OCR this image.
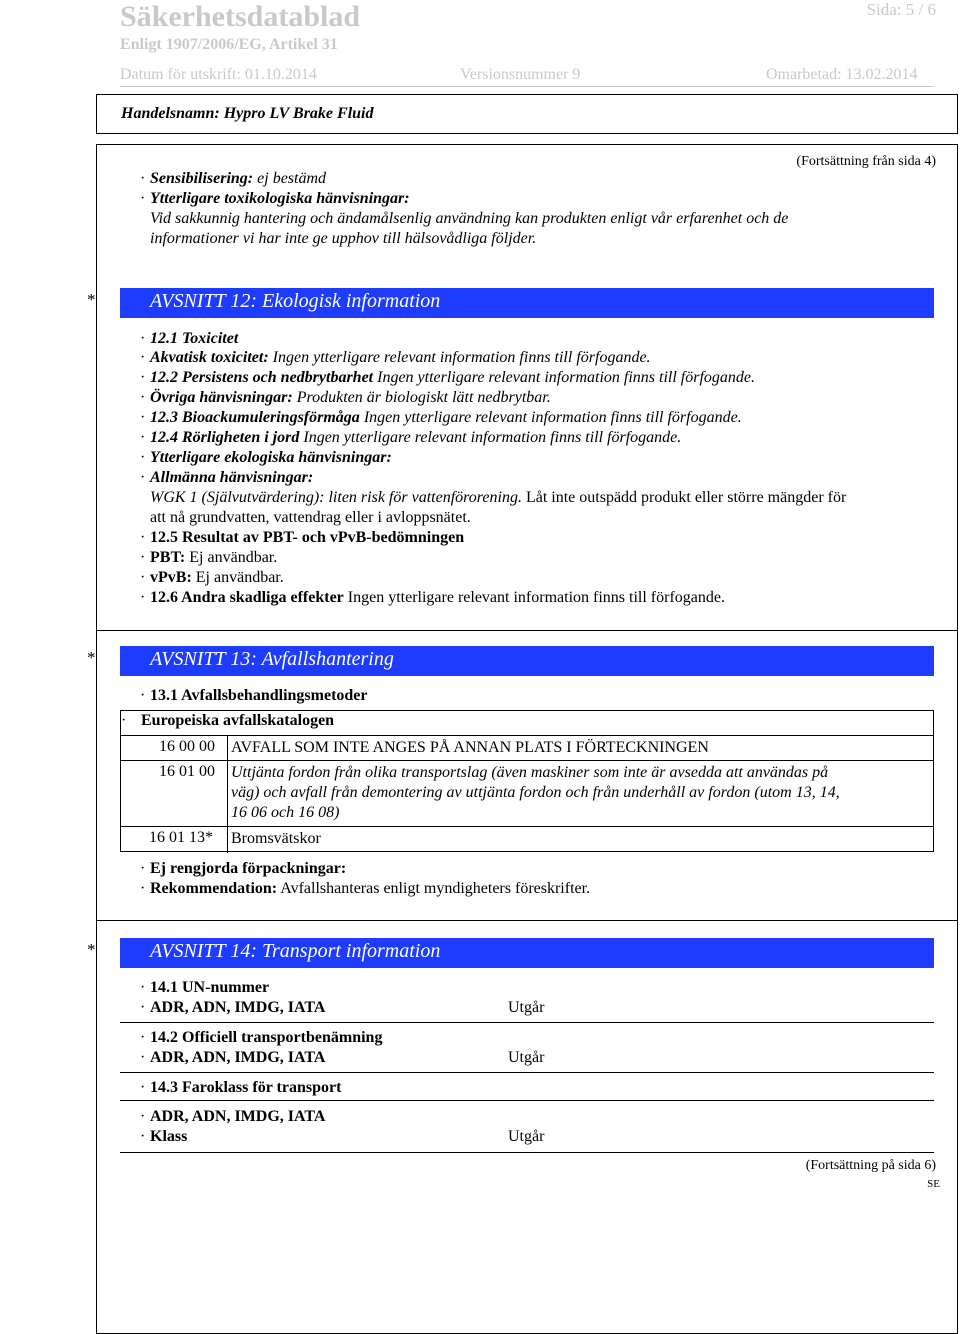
Säkerhetsdatablad	Sida: 5 / 6
Enligt 1907/2006/EG, Artikel 31
Datum för utskrift: 01.10.2014	Versionsnummer 9	Omarbetad: 13.02.2014
Handelsnamn: Hypro LV Brake Fluid
(Fortsättning från sida 4)
· Sensibilisering: ej bestämd
· Ytterligare toxikologiska hänvisningar:
Vid sakkunnig hantering och ändamålsenlig användning kan produkten enligt vår erfarenhet och de
informationer vi har inte ge upphov till hälsovådliga följder.
*	AVSNITT 12: Ekologisk information
· 12.1 Toxicitet
· Akvatisk toxicitet: Ingen ytterligare relevant information finns till förfogande.
· 12.2 Persistens och nedbrytbarhet Ingen ytterligare relevant information finns till förfogande.
· Övriga hänvisningar: Produkten är biologiskt lätt nedbrytbar.
· 12.3 Bioackumuleringsförmåga Ingen ytterligare relevant information finns till förfogande.
· 12.4 Rörligheten i jord Ingen ytterligare relevant information finns till förfogande.
· Ytterligare ekologiska hänvisningar:
· Allmänna hänvisningar:
WGK 1 (Självutvärdering): liten risk för vattenförorening. Låt inte outspädd produkt eller större mängder för
att nå grundvatten, vattendrag eller i avloppsnätet.
· 12.5 Resultat av PBT- och vPvB-bedömningen
· PBT: Ej användbar.
· vPvB: Ej användbar.
· 12.6 Andra skadliga effekter Ingen ytterligare relevant information finns till förfogande.
*	AVSNITT 13: Avfallshantering
· 13.1 Avfallsbehandlingsmetoder
· Europeiska avfallskatalogen
16 00 00 AVFALL SOM INTE ANGES PÅ ANNAN PLATS I FÖRTECKNINGEN
16 01 00 Uttjänta fordon från olika transportslag (även maskiner som inte är avsedda att användas på
väg) och avfall från demontering av uttjänta fordon och från underhåll av fordon (utom 13, 14,
16 06 och 16 08)
16 01 13* Bromsvätskor
· Ej rengjorda förpackningar:
· Rekommendation: Avfallshanteras enligt myndigheters föreskrifter.
*	AVSNITT 14: Transport information
· 14.1 UN-nummer
· ADR, ADN, IMDG, IATA	Utgår
· 14.2 Officiell transportbenämning
· ADR, ADN, IMDG, IATA	Utgår
· 14.3 Faroklass för transport
· ADR, ADN, IMDG, IATA
· Klass	Utgår
(Fortsättning på sida 6)
SE
